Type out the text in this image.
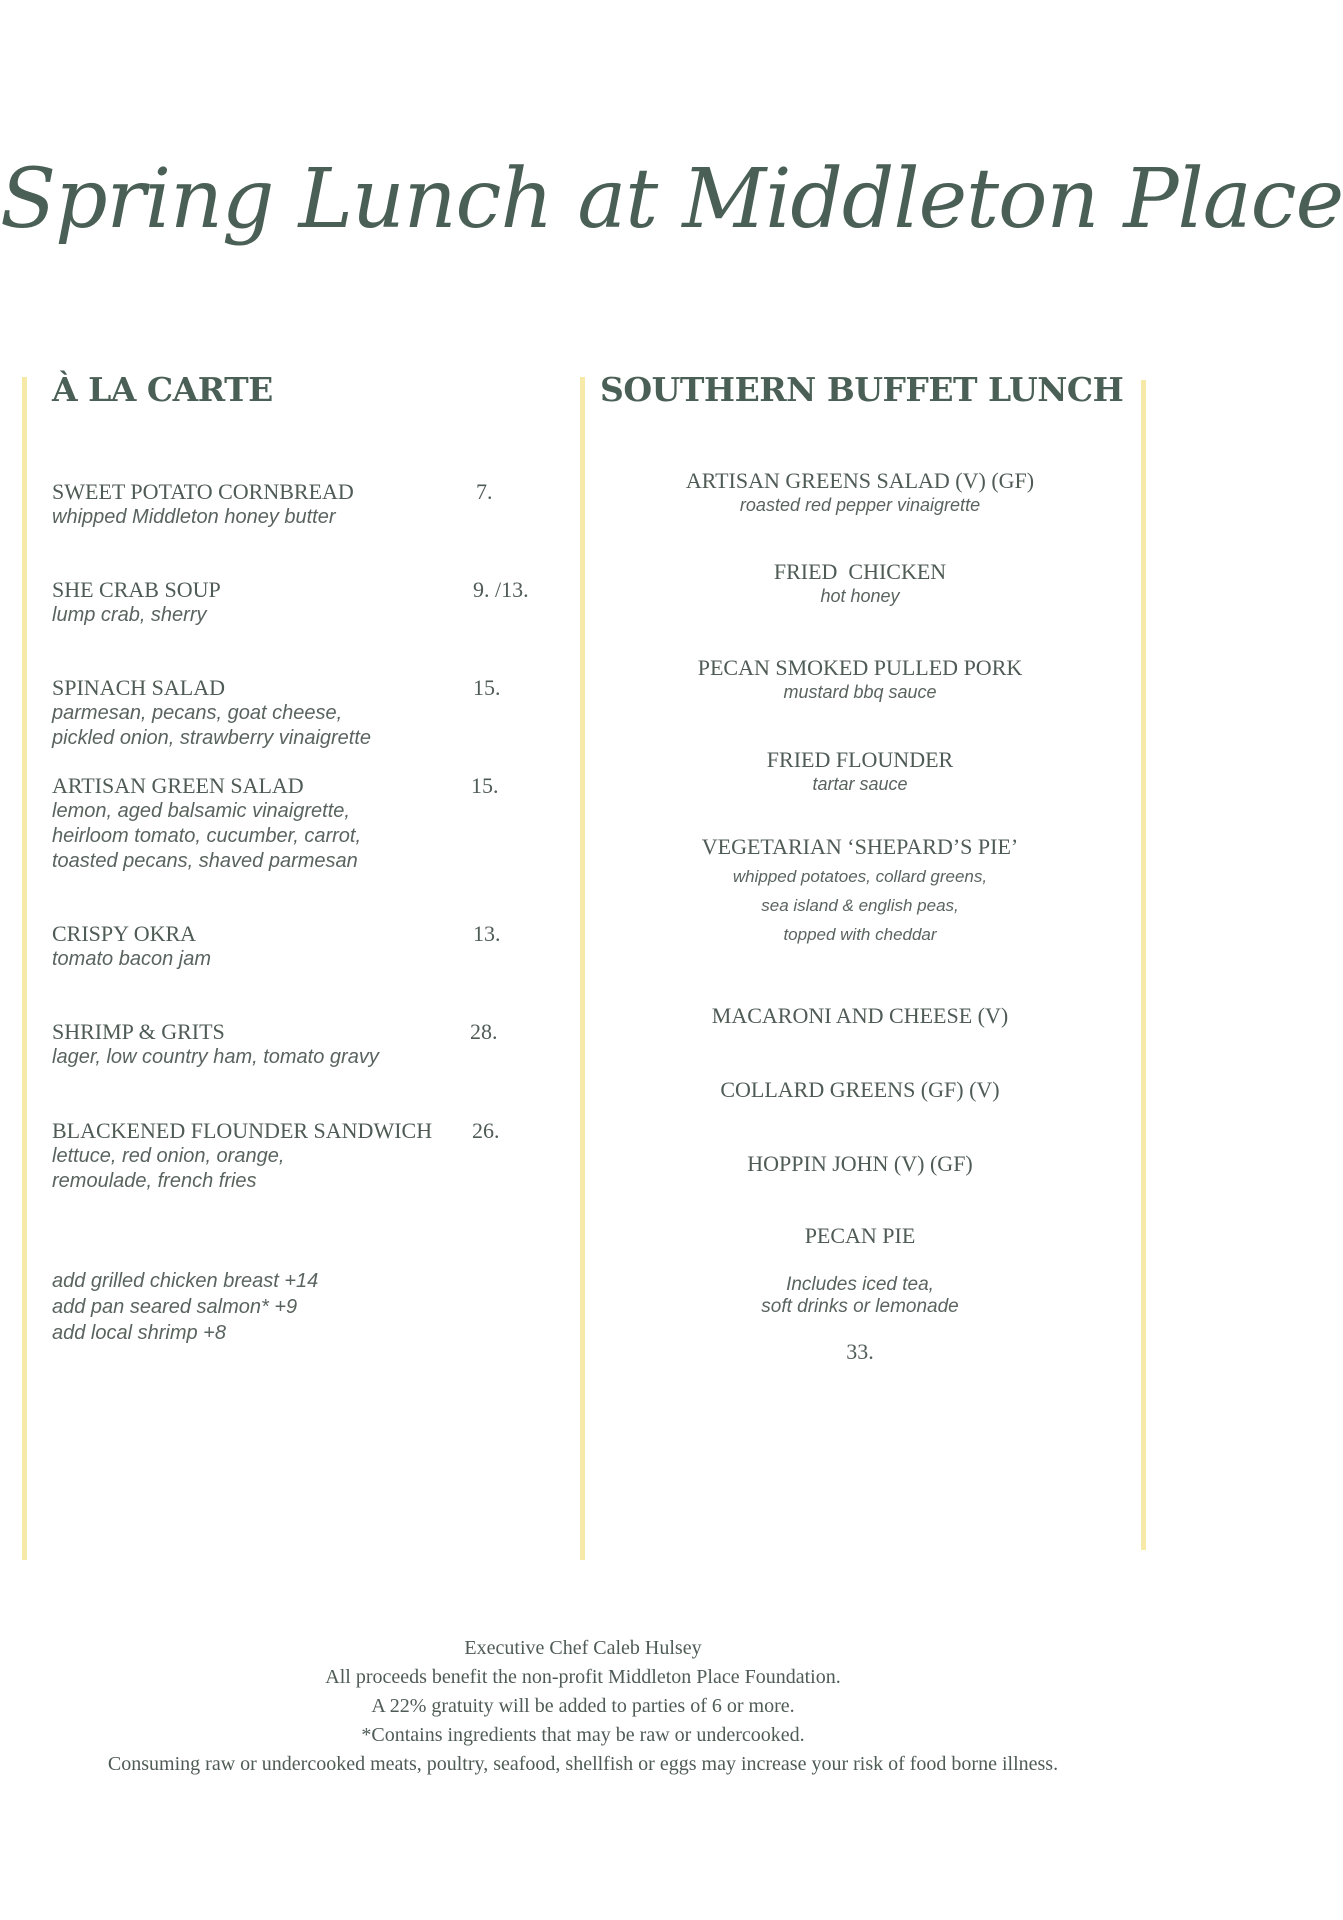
Spring Lunch at Middleton Place
À LA CARTE
SWEET POTATO CORNBREAD
whipped Middleton honey butter
7.
SHE CRAB SOUP
lump crab, sherry
9. /13.
SPINACH SALAD
parmesan, pecans, goat cheese,
pickled onion, strawberry vinaigrette
15.
ARTISAN GREEN SALAD
lemon, aged balsamic vinaigrette,
heirloom tomato, cucumber, carrot,
toasted pecans, shaved parmesan
15.
CRISPY OKRA
tomato bacon jam
13.
SHRIMP & GRITS
lager, low country ham, tomato gravy
28.
BLACKENED FLOUNDER SANDWICH
lettuce, red onion, orange,
remoulade, french fries
26.
add grilled chicken breast +14
add pan seared salmon* +9
add local shrimp +8
SOUTHERN BUFFET LUNCH
ARTISAN GREENS SALAD (V) (GF)
roasted red pepper vinaigrette
FRIED  CHICKEN
hot honey
PECAN SMOKED PULLED PORK
mustard bbq sauce
FRIED FLOUNDER
tartar sauce
VEGETARIAN ‘SHEPARD’S PIE’
whipped potatoes, collard greens,
sea island & english peas,
topped with cheddar
MACARONI AND CHEESE (V)
COLLARD GREENS (GF) (V)
HOPPIN JOHN (V) (GF)
PECAN PIE
Includes iced tea,
soft drinks or lemonade
33.
Executive Chef Caleb Hulsey
All proceeds benefit the non-profit Middleton Place Foundation.
A 22% gratuity will be added to parties of 6 or more.
*Contains ingredients that may be raw or undercooked.
Consuming raw or undercooked meats, poultry, seafood, shellfish or eggs may increase your risk of food borne illness.
